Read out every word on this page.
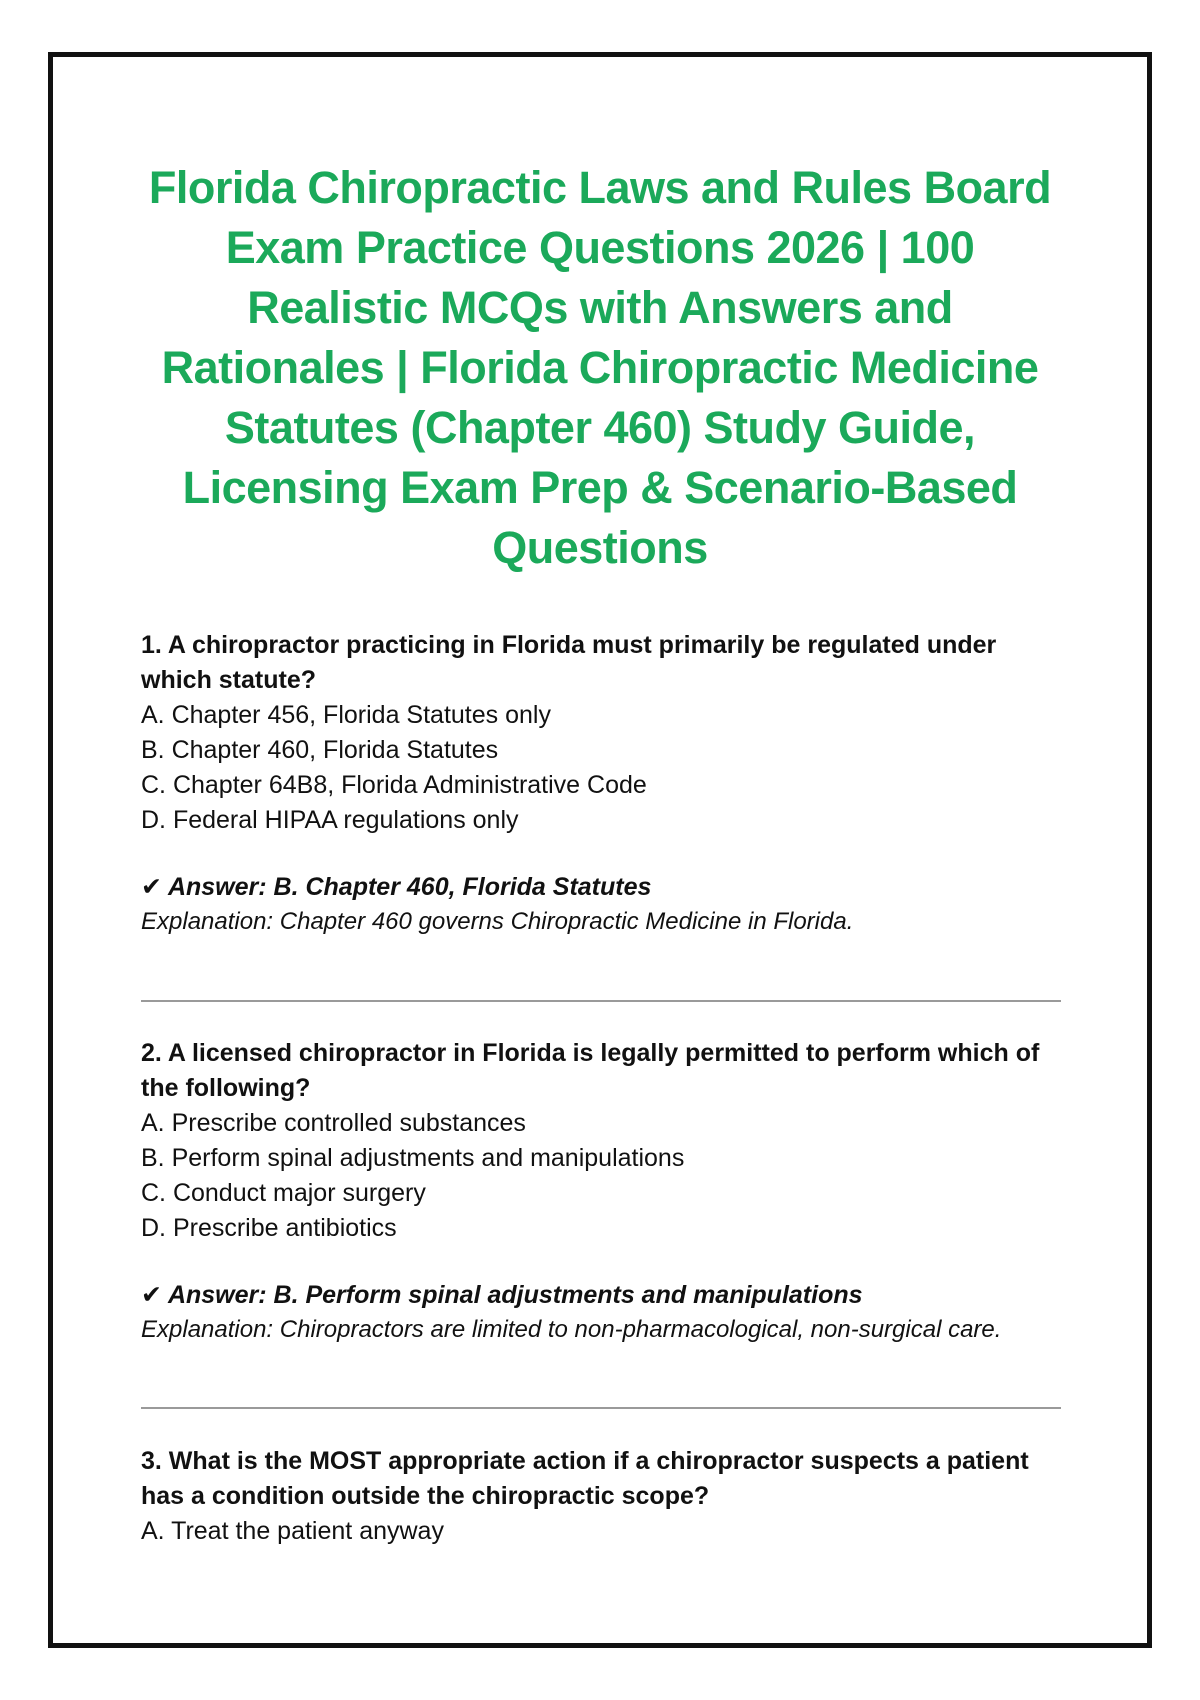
Florida Chiropractic Laws and Rules Board Exam Practice Questions 2026 | 100 Realistic MCQs with Answers and Rationales | Florida Chiropractic Medicine Statutes (Chapter 460) Study Guide, Licensing Exam Prep & Scenario-Based Questions

1. A chiropractor practicing in Florida must primarily be regulated under which statute?

A. Chapter 456, Florida Statutes only
B. Chapter 460, Florida Statutes
C. Chapter 64B8, Florida Administrative Code
D. Federal HIPAA regulations only

✔ Answer: B. Chapter 460, Florida Statutes

Explanation: Chapter 460 governs Chiropractic Medicine in Florida.

2. A licensed chiropractor in Florida is legally permitted to perform which of the following?

A. Prescribe controlled substances
B. Perform spinal adjustments and manipulations
C. Conduct major surgery
D. Prescribe antibiotics

✔ Answer: B. Perform spinal adjustments and manipulations

Explanation: Chiropractors are limited to non-pharmacological, non-surgical care.

3. What is the MOST appropriate action if a chiropractor suspects a patient has a condition outside the chiropractic scope?

A. Treat the patient anyway
